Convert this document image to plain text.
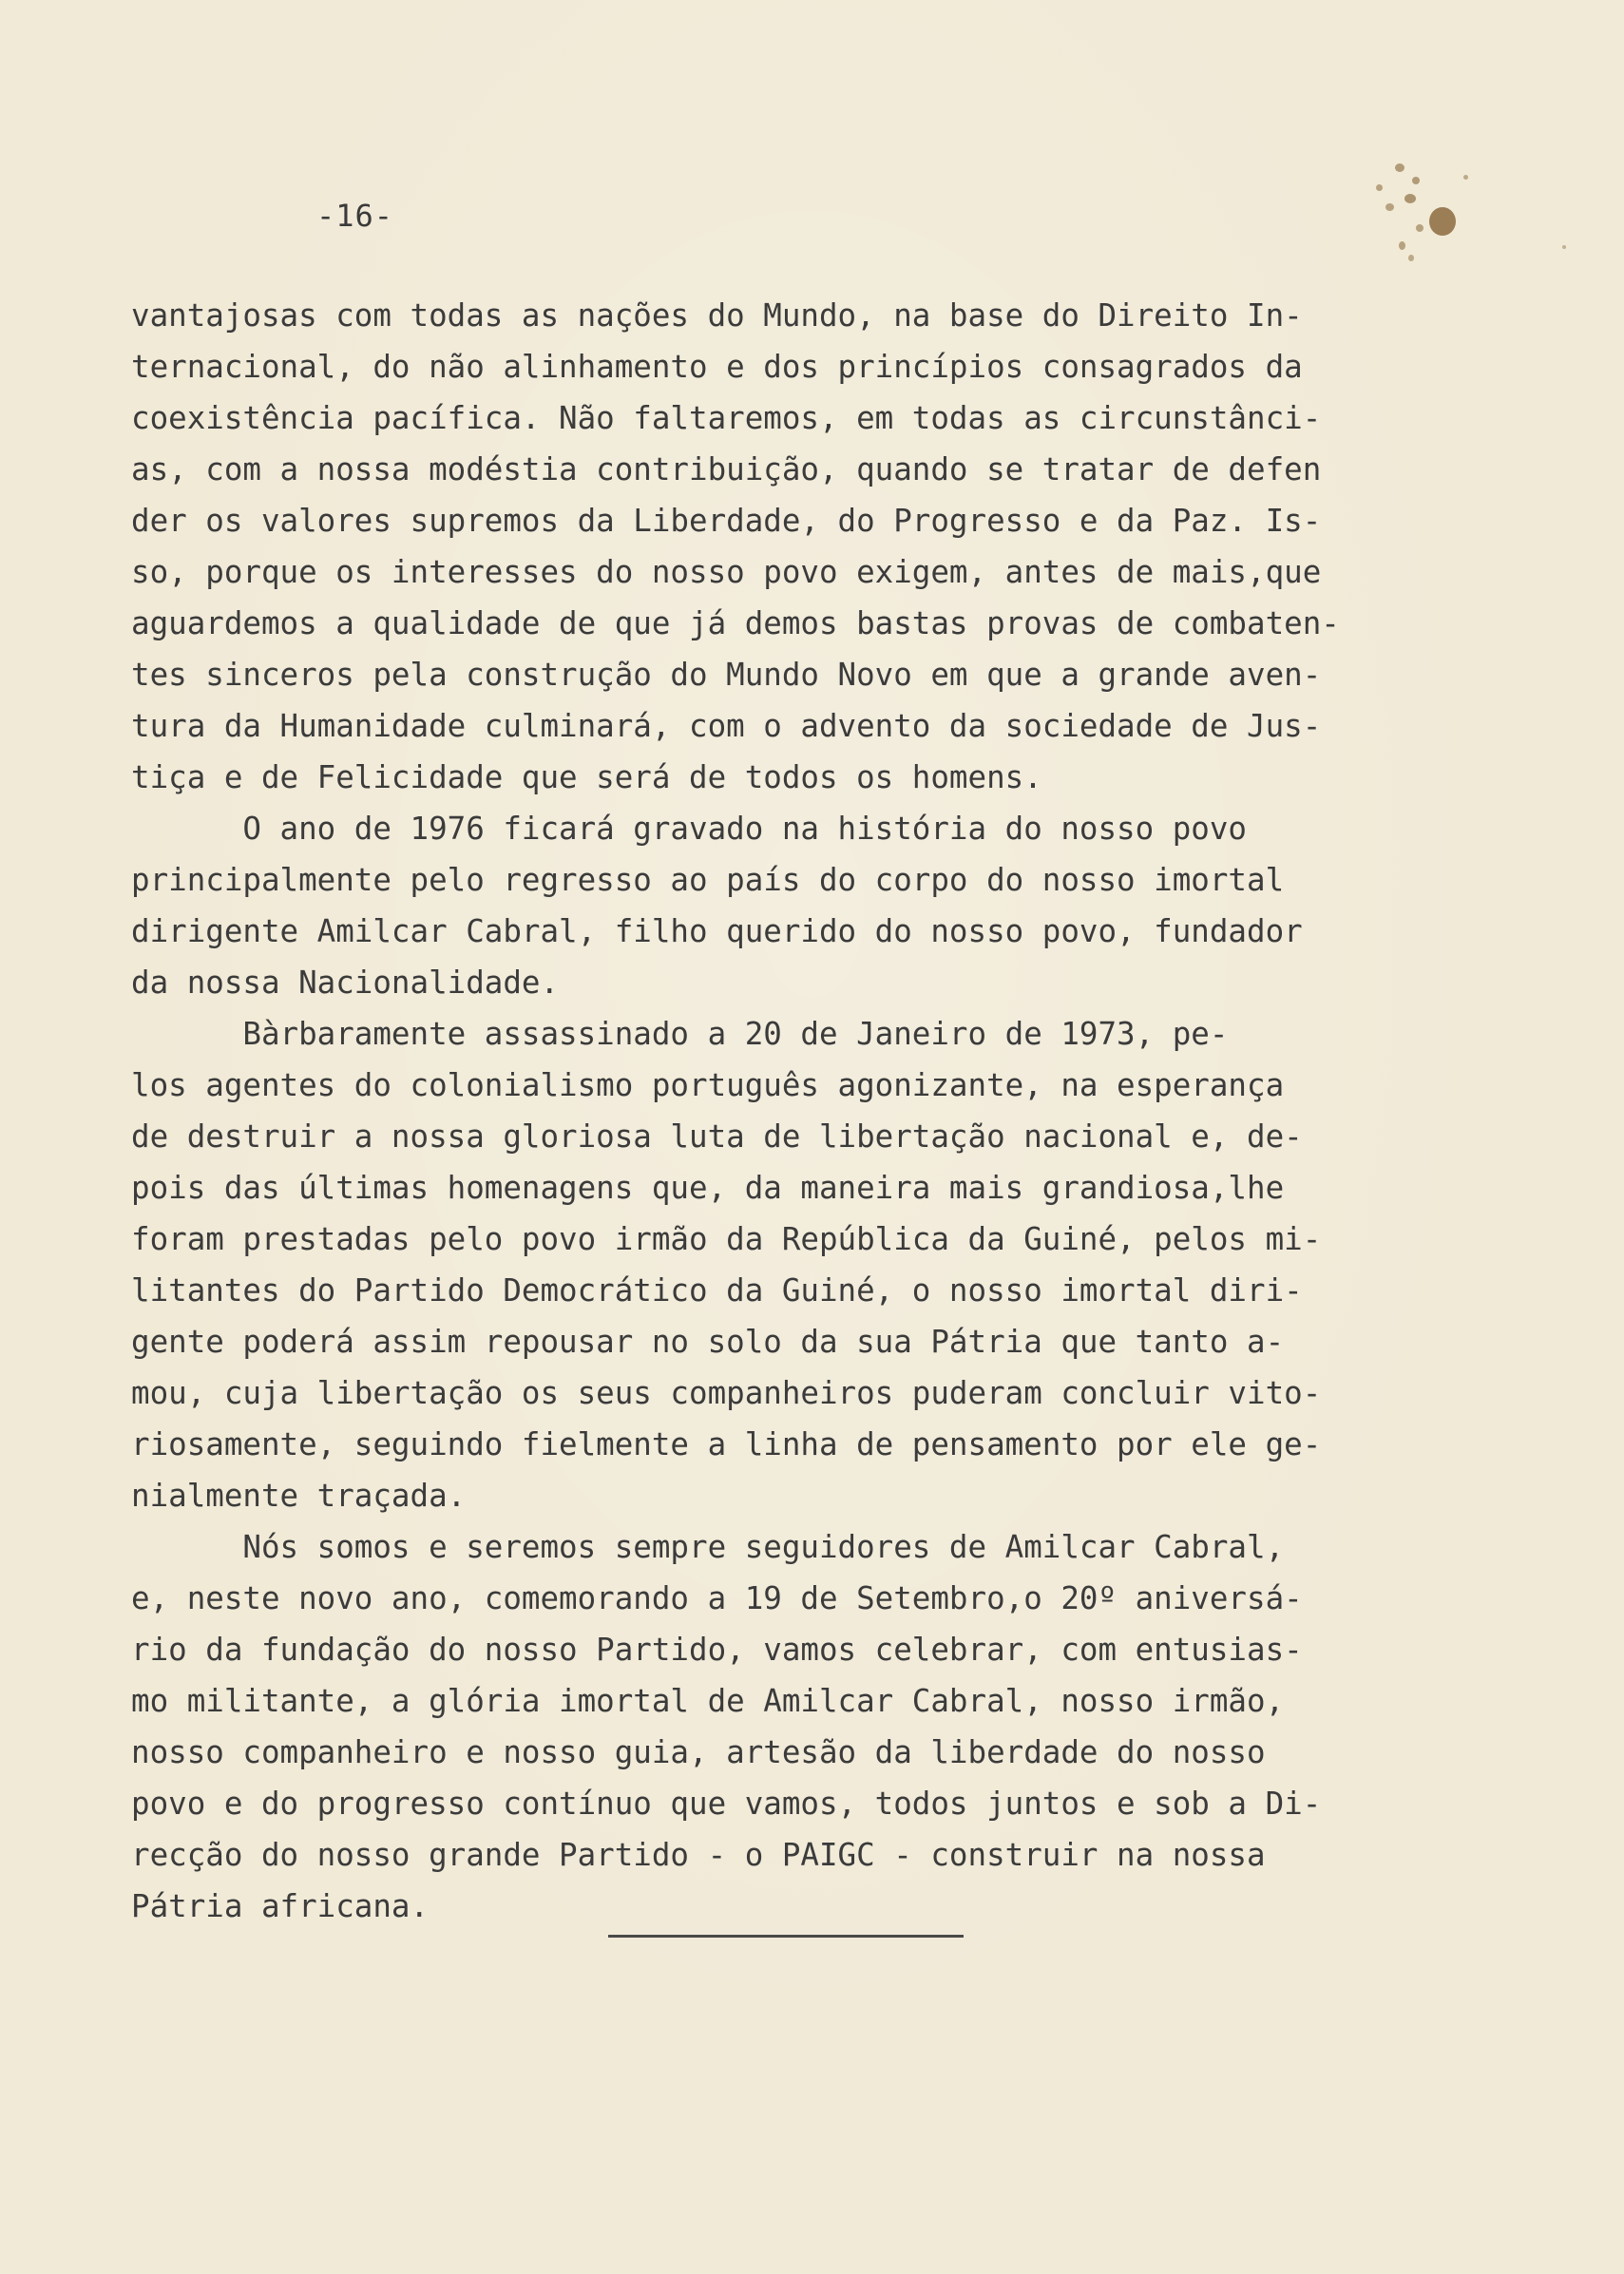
-16-
vantajosas com todas as nações do Mundo, na base do Direito In-
ternacional, do não alinhamento e dos princípios consagrados da
coexistência pacífica. Não faltaremos, em todas as circunstânci-
as, com a nossa modéstia contribuição, quando se tratar de defen
der os valores supremos da Liberdade, do Progresso e da Paz. Is-
so, porque os interesses do nosso povo exigem, antes de mais,que
aguardemos a qualidade de que já demos bastas provas de combaten-
tes sinceros pela construção do Mundo Novo em que a grande aven-
tura da Humanidade culminará, com o advento da sociedade de Jus-
tiça e de Felicidade que será de todos os homens.
O ano de 1976 ficará gravado na história do nosso povo
principalmente pelo regresso ao país do corpo do nosso imortal
dirigente Amilcar Cabral, filho querido do nosso povo, fundador
da nossa Nacionalidade.
Bàrbaramente assassinado a 20 de Janeiro de 1973, pe-
los agentes do colonialismo português agonizante, na esperança
de destruir a nossa gloriosa luta de libertação nacional e, de-
pois das últimas homenagens que, da maneira mais grandiosa,lhe
foram prestadas pelo povo irmão da República da Guiné, pelos mi-
litantes do Partido Democrático da Guiné, o nosso imortal diri-
gente poderá assim repousar no solo da sua Pátria que tanto a-
mou, cuja libertação os seus companheiros puderam concluir vito-
riosamente, seguindo fielmente a linha de pensamento por ele ge-
nialmente traçada.
Nós somos e seremos sempre seguidores de Amilcar Cabral,
e, neste novo ano, comemorando a 19 de Setembro,o 20º aniversá-
rio da fundação do nosso Partido, vamos celebrar, com entusias-
mo militante, a glória imortal de Amilcar Cabral, nosso irmão,
nosso companheiro e nosso guia, artesão da liberdade do nosso
povo e do progresso contínuo que vamos, todos juntos e sob a Di-
recção do nosso grande Partido - o PAIGC - construir na nossa
Pátria africana.
